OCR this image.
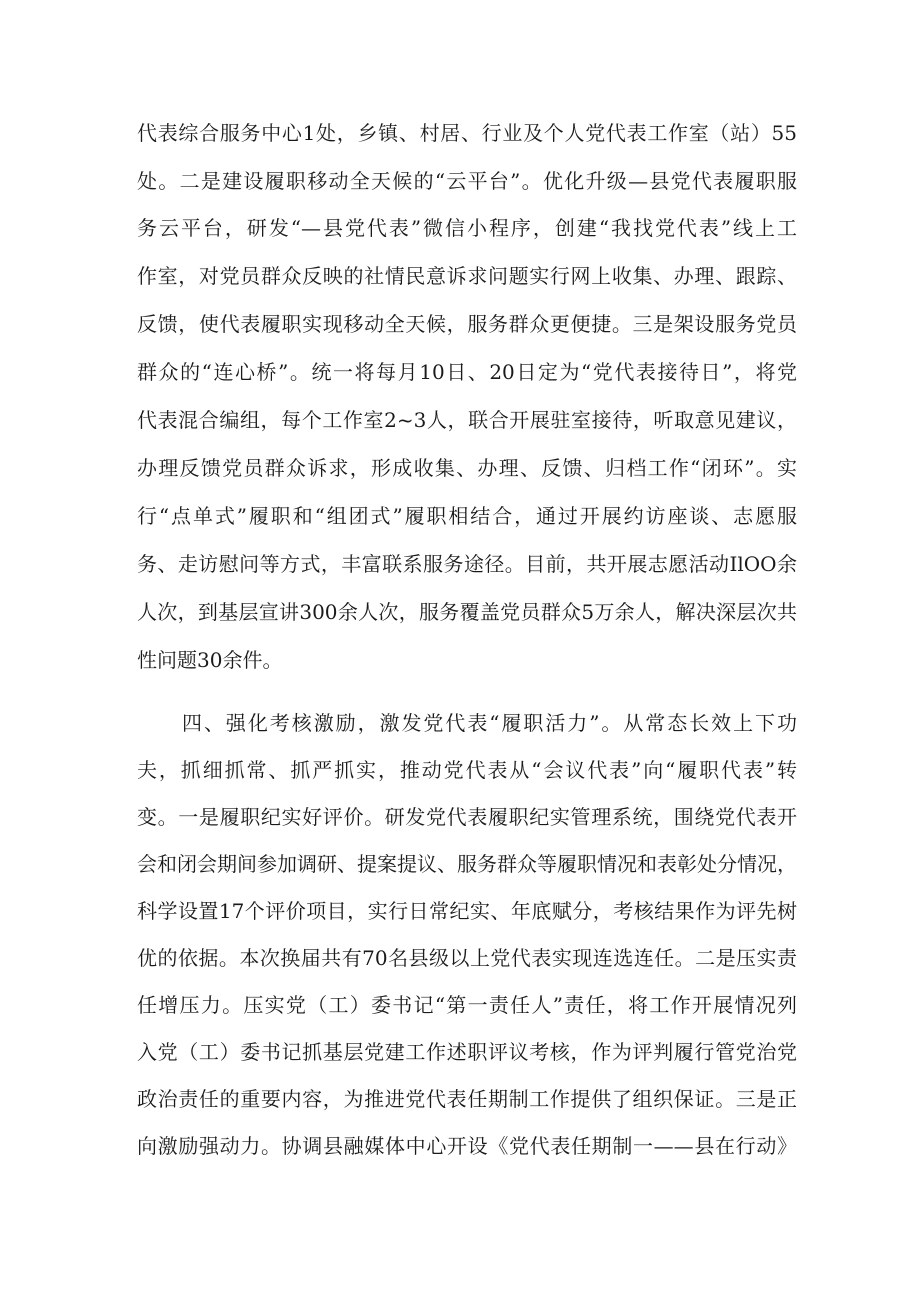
代表综合服务中心1处，乡镇、村居、行业及个人党代表工作室（站）55
处。二是建设履职移动全天候的“云平台”。优化升级—县党代表履职服
务云平台，研发“—县党代表”微信小程序，创建“我找党代表”线上工
作室，对党员群众反映的社情民意诉求问题实行网上收集、办理、跟踪、
反馈，使代表履职实现移动全天候，服务群众更便捷。三是架设服务党员
群众的“连心桥”。统一将每月10日、20日定为“党代表接待日”，将党
代表混合编组，每个工作室2~3人，联合开展驻室接待，听取意见建议，
办理反馈党员群众诉求，形成收集、办理、反馈、归档工作“闭环”。实
行“点单式”履职和“组团式”履职相结合，通过开展约访座谈、志愿服
务、走访慰问等方式，丰富联系服务途径。目前，共开展志愿活动IlOO余
人次，到基层宣讲300余人次，服务覆盖党员群众5万余人，解决深层次共
性问题30余件。
四、强化考核激励，激发党代表“履职活力”。从常态长效上下功
夫，抓细抓常、抓严抓实，推动党代表从“会议代表”向“履职代表”转
变。一是履职纪实好评价。研发党代表履职纪实管理系统，围绕党代表开
会和闭会期间参加调研、提案提议、服务群众等履职情况和表彰处分情况，
科学设置17个评价项目，实行日常纪实、年底赋分，考核结果作为评先树
优的依据。本次换届共有70名县级以上党代表实现连选连任。二是压实责
任增压力。压实党（工）委书记“第一责任人”责任，将工作开展情况列
入党（工）委书记抓基层党建工作述职评议考核，作为评判履行管党治党
政治责任的重要内容，为推进党代表任期制工作提供了组织保证。三是正
向激励强动力。协调县融媒体中心开设《党代表任期制一——县在行动》
